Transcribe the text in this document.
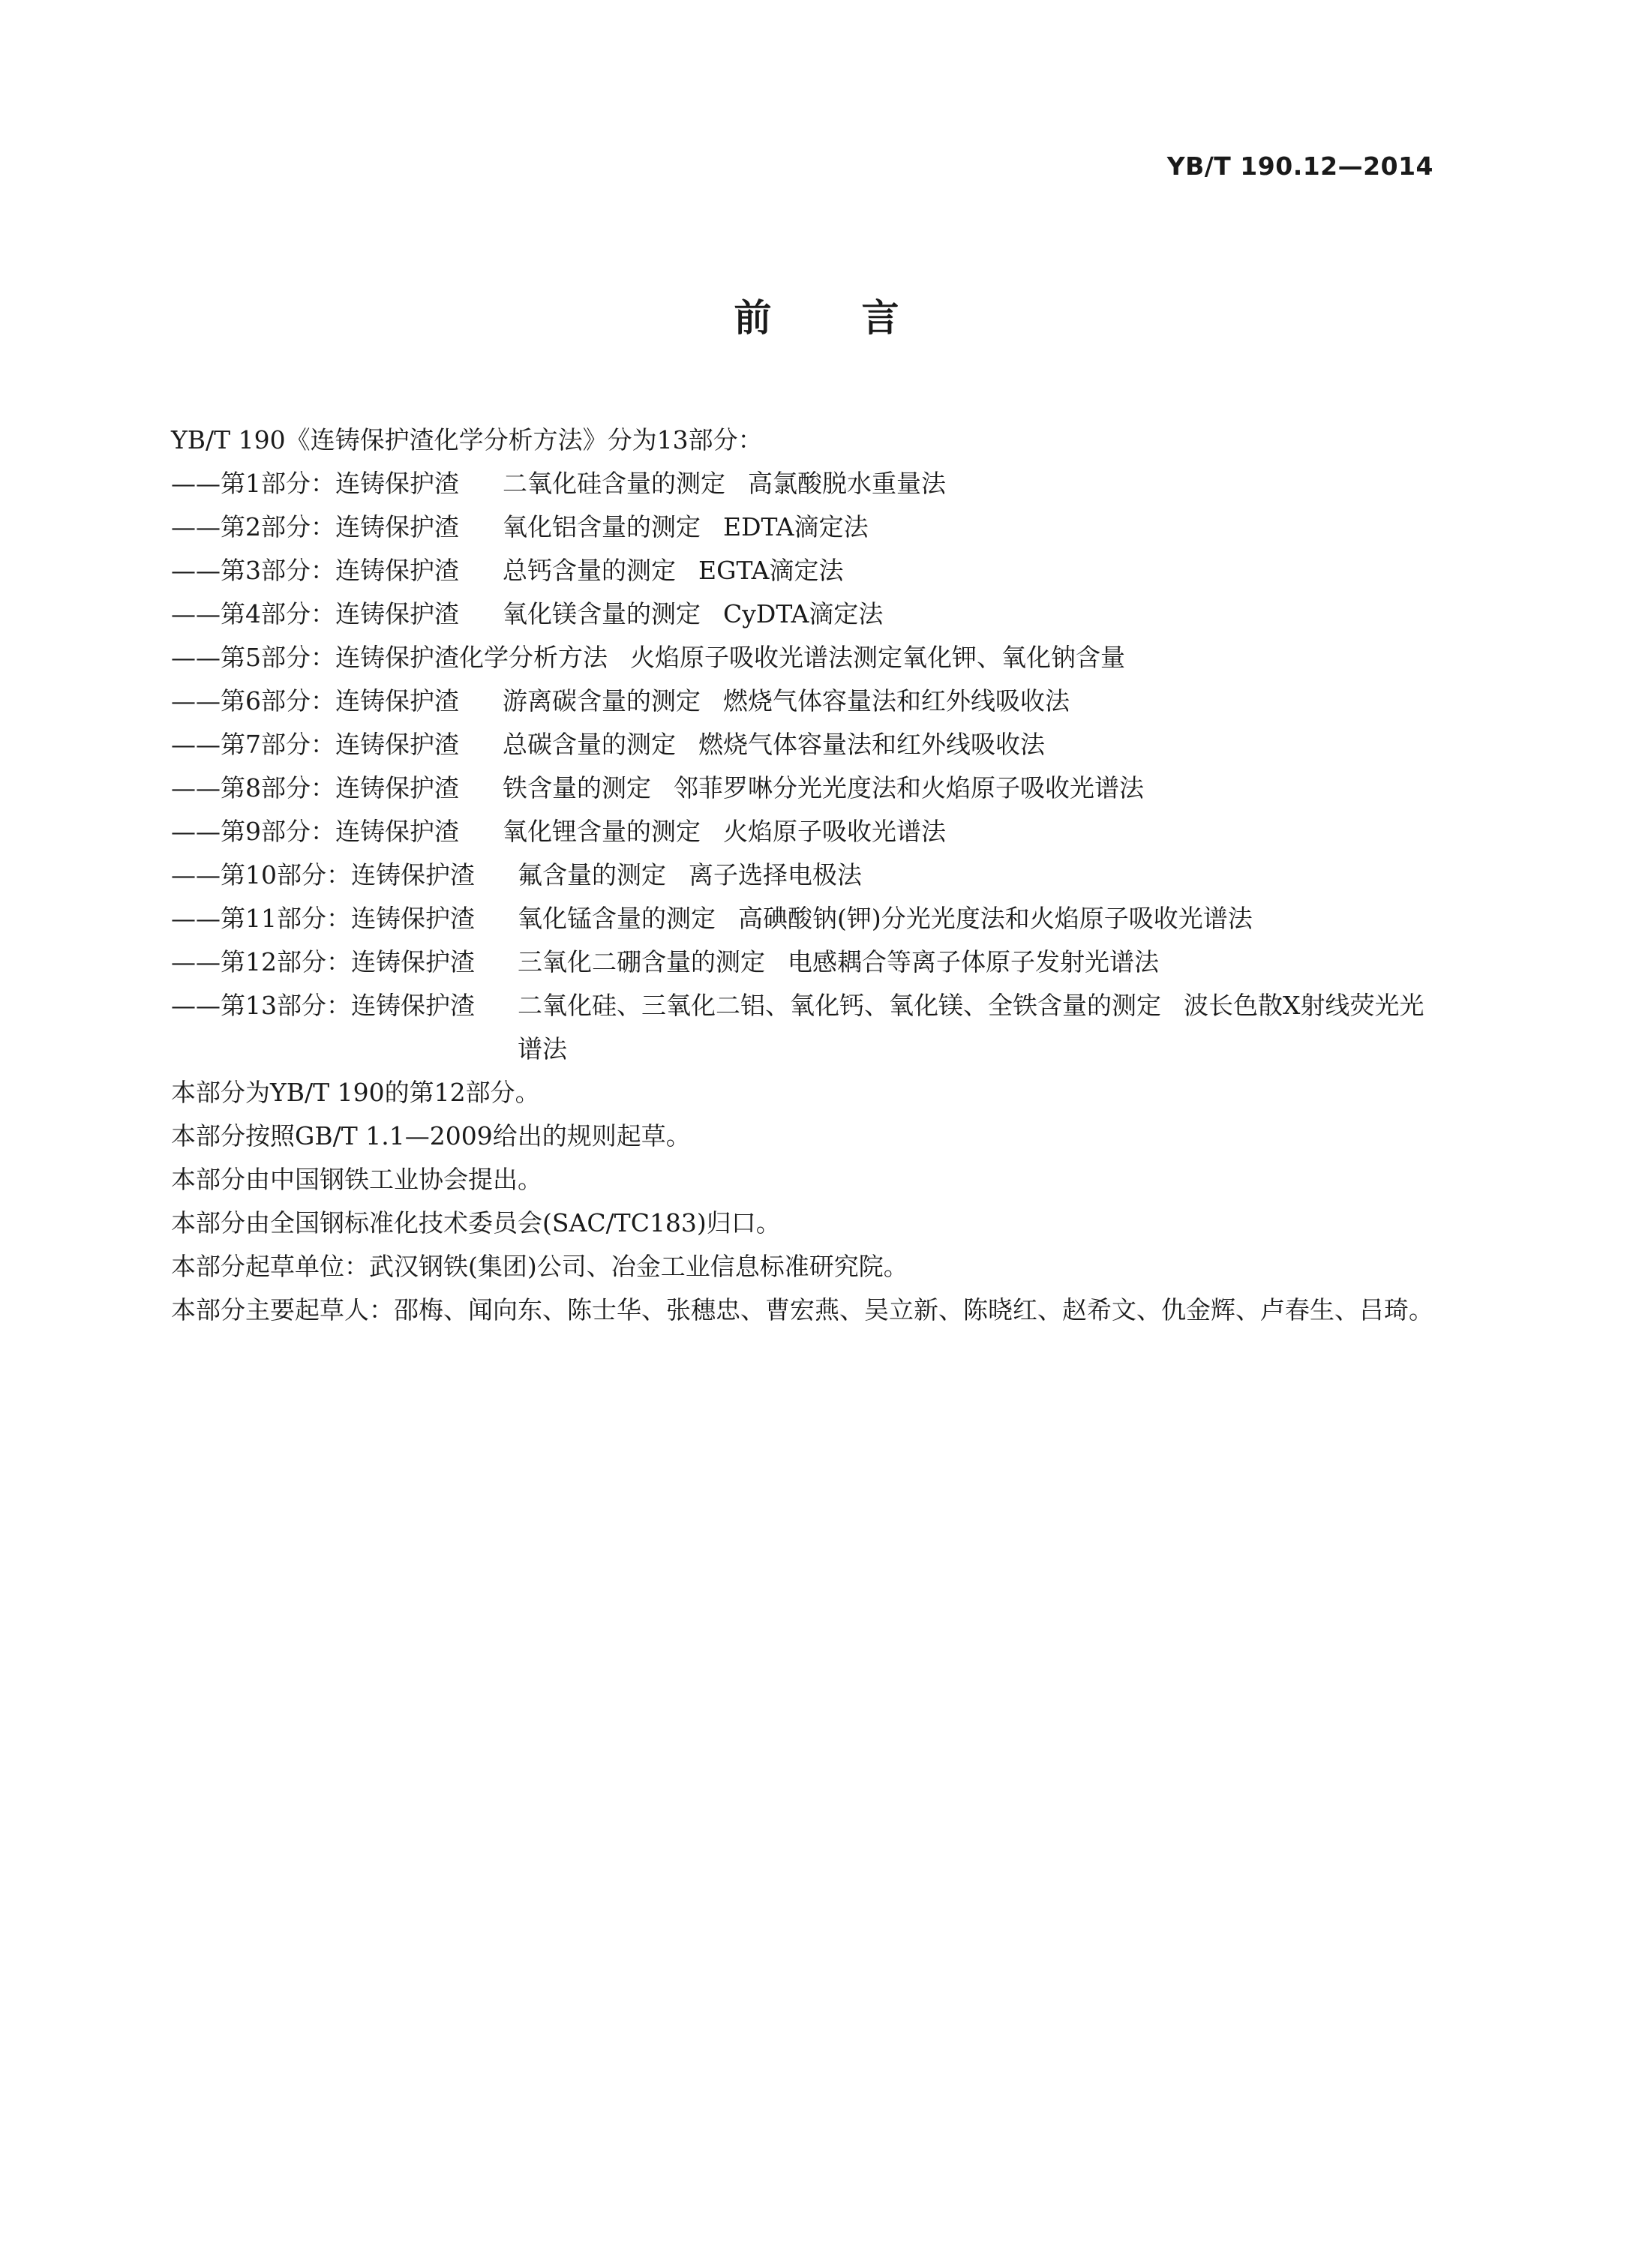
YB/T 190.12—2014
前言

YB/T 190《连铸保护渣化学分析方法》分为13部分：

——第1部分：连铸保护渣	二氧化硅含量的测定 高氯酸脱水重量法

——第2部分：连铸保护渣	氧化铝含量的测定 EDTA滴定法

——第3部分：连铸保护渣	总钙含量的测定 EGTA滴定法

——第4部分：连铸保护渣	氧化镁含量的测定 CyDTA滴定法

——第5部分：连铸保护渣化学分析方法 火焰原子吸收光谱法测定氧化钾、氧化钠含量

——第6部分：连铸保护渣	游离碳含量的测定 燃烧气体容量法和红外线吸收法

——第7部分：连铸保护渣	总碳含量的测定 燃烧气体容量法和红外线吸收法

——第8部分：连铸保护渣	铁含量的测定 邻菲罗啉分光光度法和火焰原子吸收光谱法

——第9部分：连铸保护渣	氧化锂含量的测定 火焰原子吸收光谱法

——第10部分：连铸保护渣	氟含量的测定 离子选择电极法

——第11部分：连铸保护渣	氧化锰含量的测定 高碘酸钠(钾)分光光度法和火焰原子吸收光谱法

——第12部分：连铸保护渣	三氧化二硼含量的测定 电感耦合等离子体原子发射光谱法

——第13部分：连铸保护渣	二氧化硅、三氧化二铝、氧化钙、氧化镁、全铁含量的测定 波长色散X射线荧光光谱法

本部分为YB/T 190的第12部分。

本部分按照GB/T 1.1—2009给出的规则起草。

本部分由中国钢铁工业协会提出。

本部分由全国钢标准化技术委员会(SAC/TC183)归口。

本部分起草单位：武汉钢铁(集团)公司、冶金工业信息标准研究院。

本部分主要起草人：邵梅、闻向东、陈士华、张穗忠、曹宏燕、吴立新、陈晓红、赵希文、仇金辉、卢春生、吕琦。
